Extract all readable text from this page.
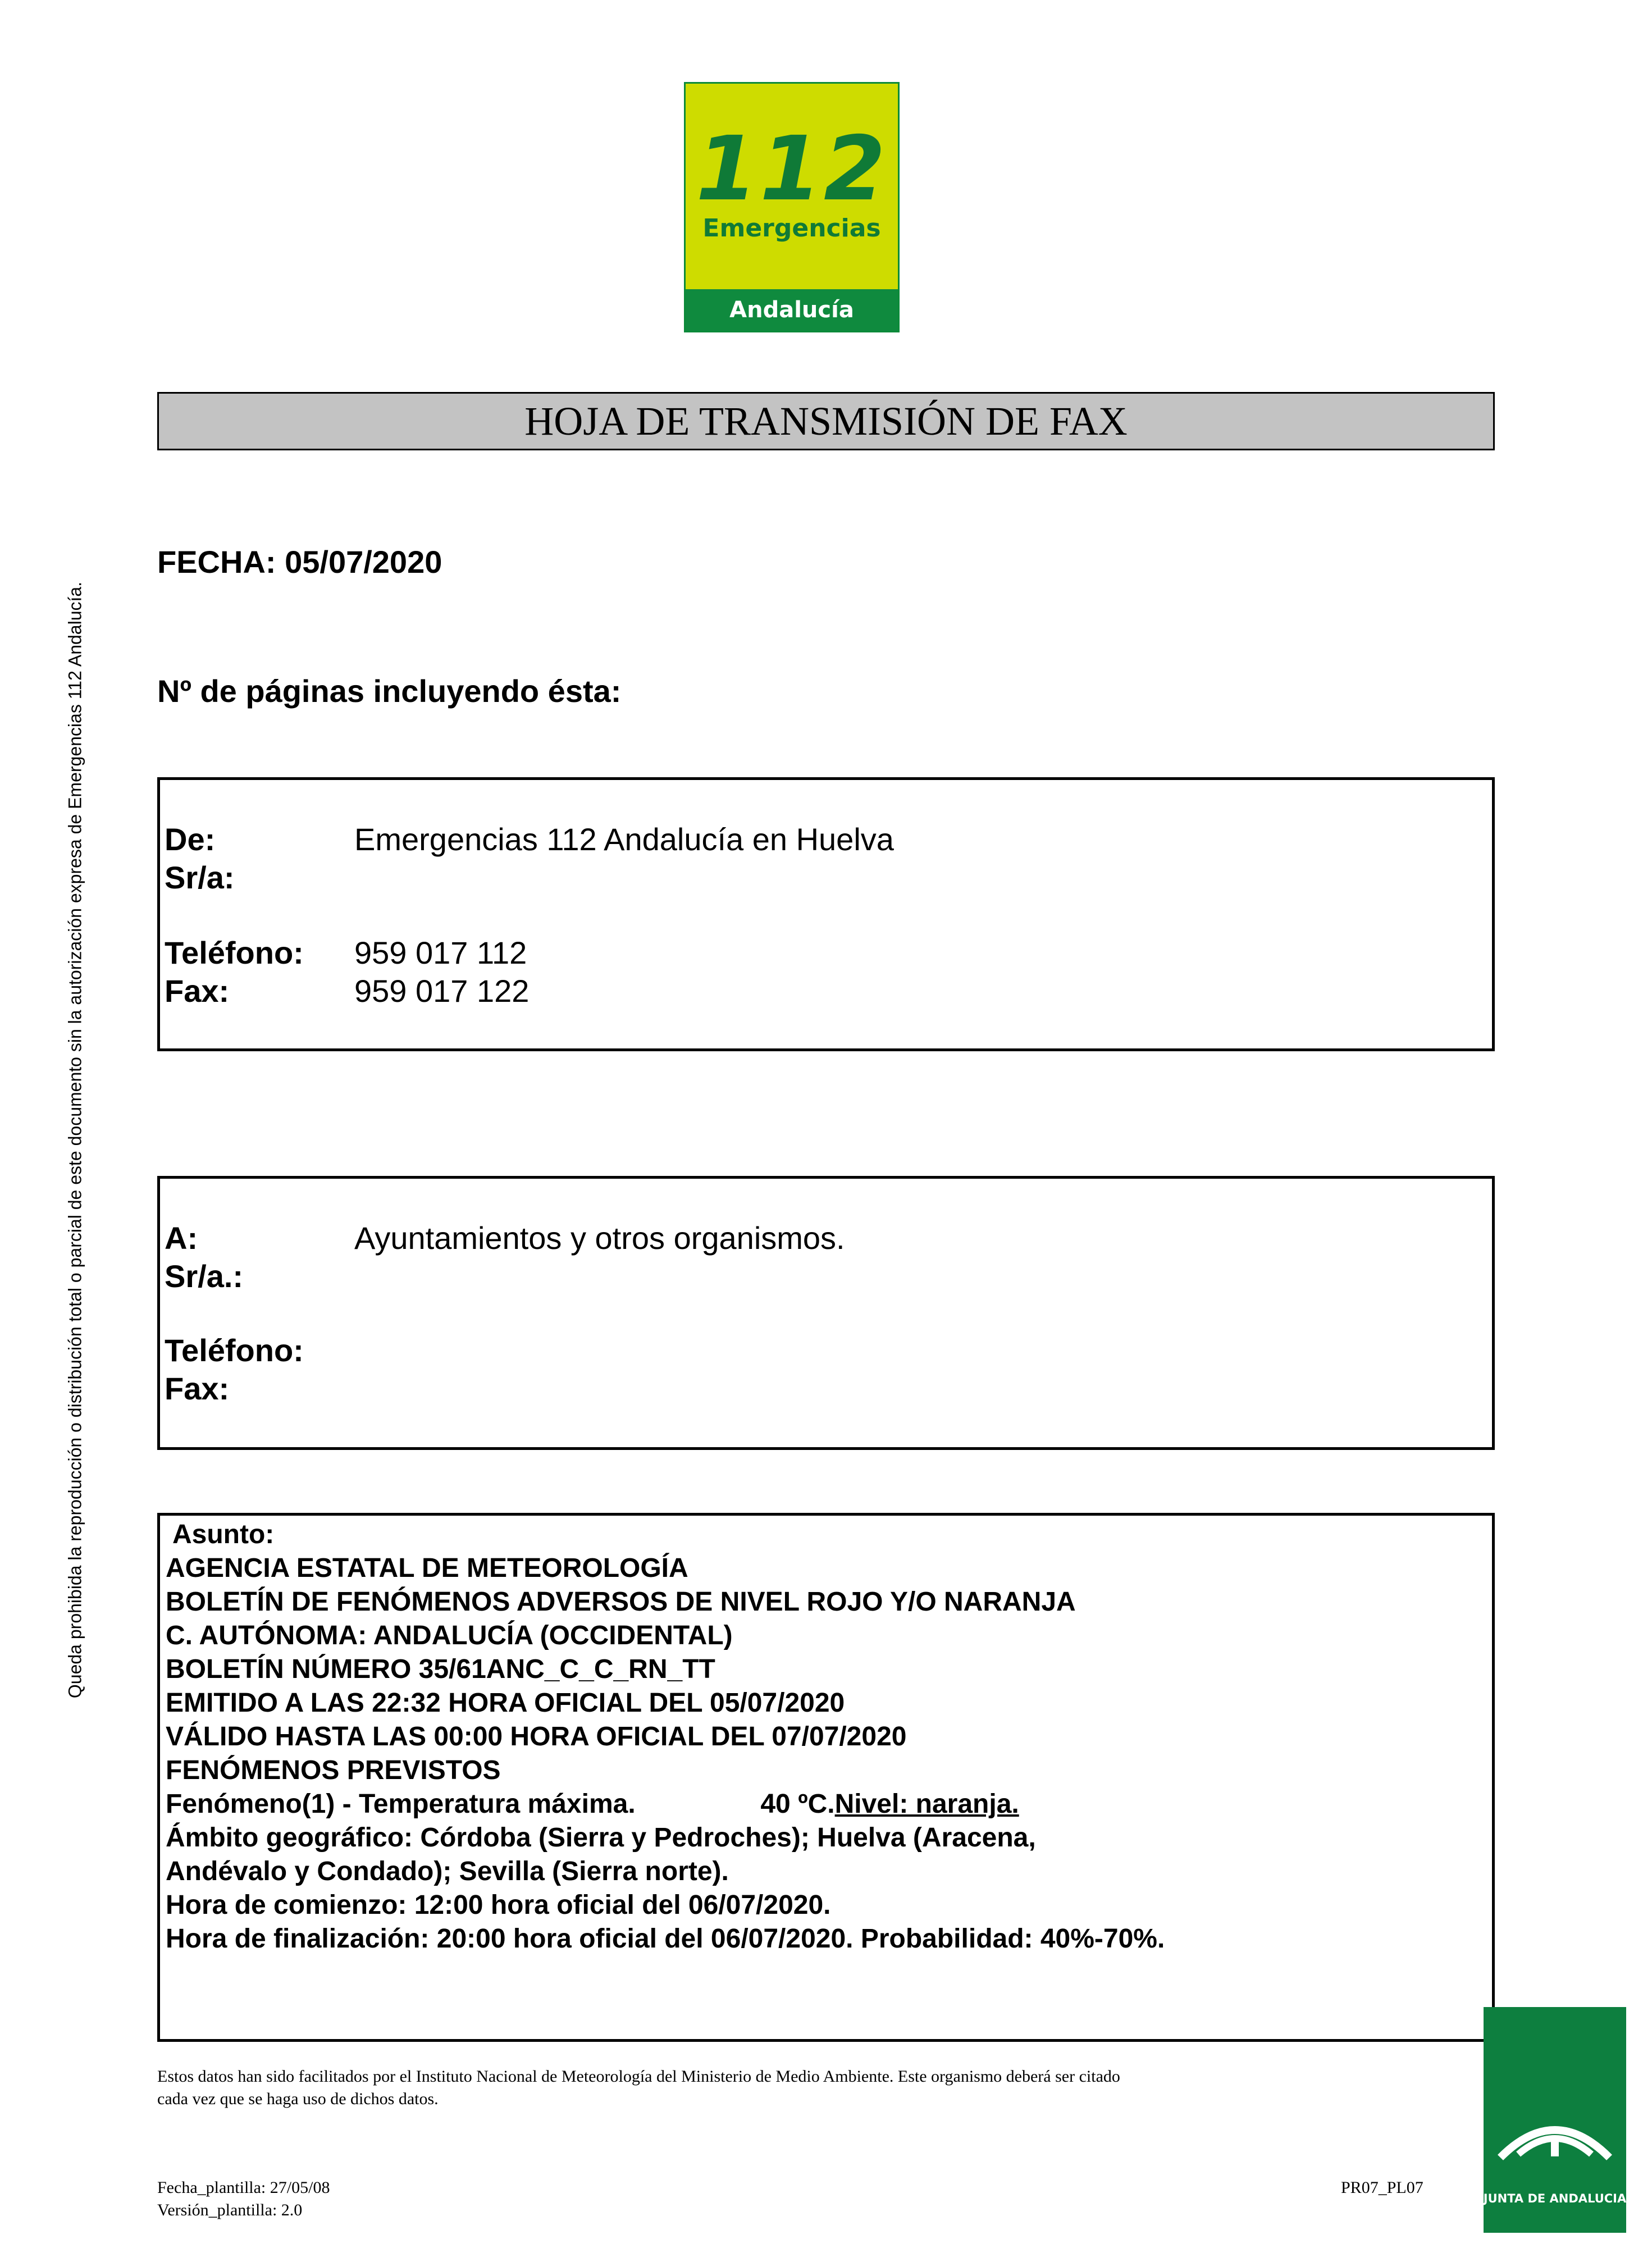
112
Emergencias
Andalucía
HOJA DE TRANSMISIÓN DE FAX
FECHA: 05/07/2020
Nº de páginas incluyendo ésta:
Queda prohibida la reproducción o distribución total o parcial de este documento sin la autorización expresa de Emergencias 112 Andalucía.	De:	Emergencias 112 Andalucía en Huelva
Sr/a:
Teléfono: 959 017 112
Fax:	959 017 122
A:	Ayuntamientos y otros organismos.
Sr/a.:
Teléfono:
Fax:
Asunto:
AGENCIA ESTATAL DE METEOROLOGÍA
BOLETÍN DE FENÓMENOS ADVERSOS DE NIVEL ROJO Y/O NARANJA
C. AUTÓNOMA: ANDALUCÍA (OCCIDENTAL)
BOLETÍN NÚMERO 35/61ANC_C_C_RN_TT
EMITIDO A LAS 22:32 HORA OFICIAL DEL 05/07/2020
VÁLIDO HASTA LAS 00:00 HORA OFICIAL DEL 07/07/2020
FENÓMENOS PREVISTOS
Fenómeno(1) - Temperatura máxima.	40 ºC.Nivel: naranja.
Ámbito geográfico: Córdoba (Sierra y Pedroches); Huelva (Aracena,
Andévalo y Condado); Sevilla (Sierra norte).
Hora de comienzo: 12:00 hora oficial del 06/07/2020.
Hora de finalización: 20:00 hora oficial del 06/07/2020. Probabilidad: 40%-70%.
Estos datos han sido facilitados por el Instituto Nacional de Meteorología del Ministerio de Medio Ambiente. Este organismo deberá ser citado
cada vez que se haga uso de dichos datos.
Fecha_plantilla: 27/05/08
Versión_plantilla: 2.0
PR07_PL07
JUNTA DE ANDALUCIA
